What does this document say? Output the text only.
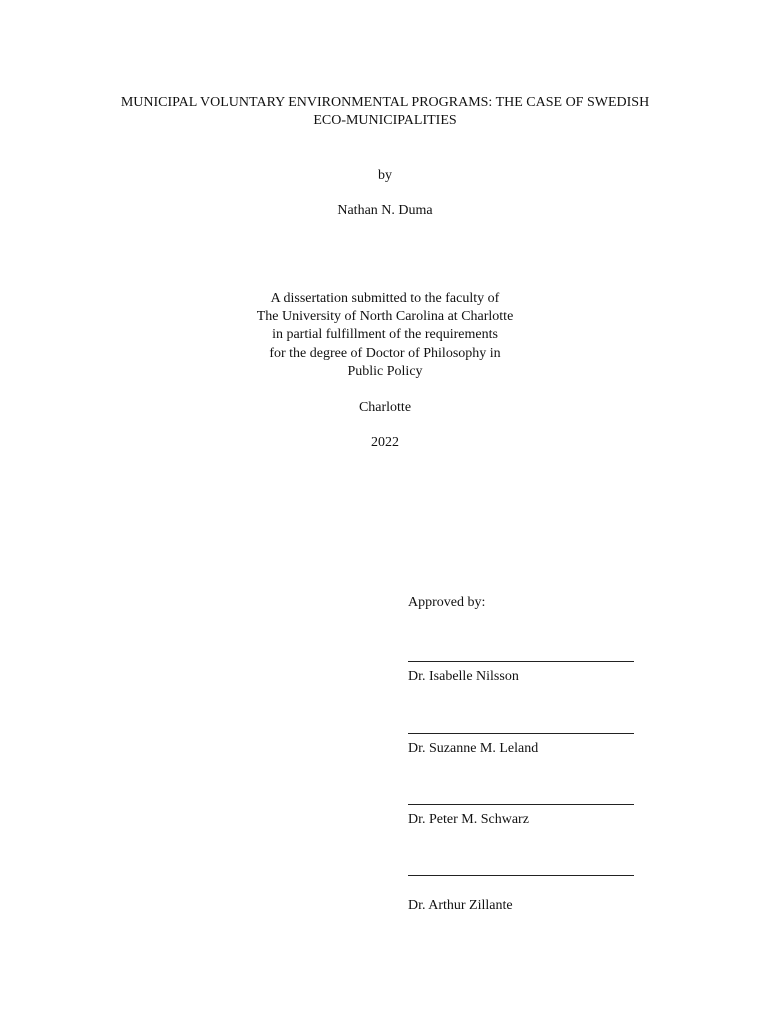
MUNICIPAL VOLUNTARY ENVIRONMENTAL PROGRAMS: THE CASE OF SWEDISH
ECO-MUNICIPALITIES
by
Nathan N. Duma
A dissertation submitted to the faculty of
The University of North Carolina at Charlotte
in partial fulfillment of the requirements
for the degree of Doctor of Philosophy in
Public Policy
Charlotte
2022
Approved by:
Dr. Isabelle Nilsson
Dr. Suzanne M. Leland
Dr. Peter M. Schwarz
Dr. Arthur Zillante
